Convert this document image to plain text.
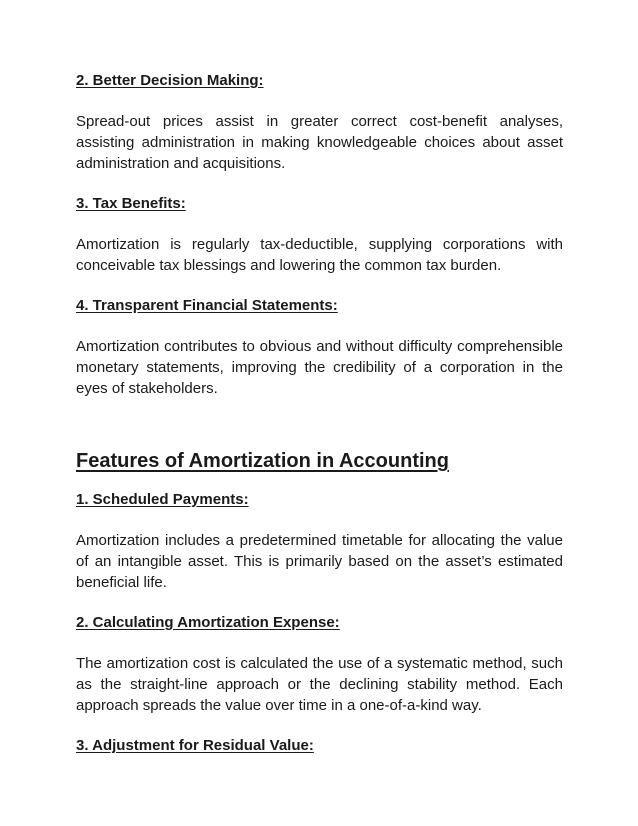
2. Better Decision Making:

Spread-out prices assist in greater correct cost-benefit analyses, assisting administration in making knowledgeable choices about asset administration and acquisitions.

3. Tax Benefits:

Amortization is regularly tax-deductible, supplying corporations with conceivable tax blessings and lowering the common tax burden.

4. Transparent Financial Statements:

Amortization contributes to obvious and without difficulty comprehensible monetary statements, improving the credibility of a corporation in the eyes of stakeholders.

Features of Amortization in Accounting

1. Scheduled Payments:

Amortization includes a predetermined timetable for allocating the value of an intangible asset. This is primarily based on the asset’s estimated beneficial life.

2. Calculating Amortization Expense:

The amortization cost is calculated the use of a systematic method, such as the straight-line approach or the declining stability method. Each approach spreads the value over time in a one-of-a-kind way.

3. Adjustment for Residual Value:
